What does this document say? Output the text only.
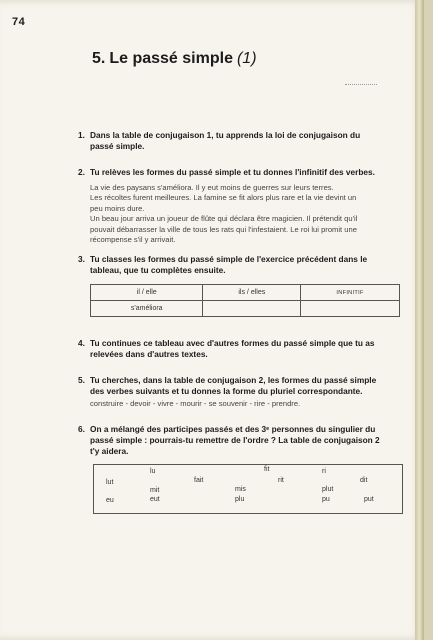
74
5. Le passé simple (1)
1. Dans la table de conjugaison 1, tu apprends la loi de conjugaison du
passé simple.
2. Tu relèves les formes du passé simple et tu donnes l'infinitif des verbes.
La vie des paysans s'améliora. Il y eut moins de guerres sur leurs terres.
Les récoltes furent meilleures. La famine se fit alors plus rare et la vie devint un
peu moins dure.
Un beau jour arriva un joueur de flûte qui déclara être magicien. Il prétendit qu'il
pouvait débarrasser la ville de tous les rats qui l'infestaient. Le roi lui promit une
récompense s'il y arrivait.
3. Tu classes les formes du passé simple de l'exercice précédent dans le
tableau, que tu complètes ensuite.
il / elle	ils / elles	INFINITIF
s'améliora		
4. Tu continues ce tableau avec d'autres formes du passé simple que tu as
relevées dans d'autres textes.
5. Tu cherches, dans la table de conjugaison 2, les formes du passé simple
des verbes suivants et tu donnes la forme du pluriel correspondante.
construire - devoir - vivre - mourir - se souvenir - rire - prendre.
6. On a mélangé des participes passés et des 3ᵉ personnes du singulier du
passé simple : pourrais-tu remettre de l'ordre ? La table de conjugaison 2
t'y aidera.
lu	fit	ri
lut	fait	rit	dit
mit	mis	plut
eu	eut	plu	pu	put
